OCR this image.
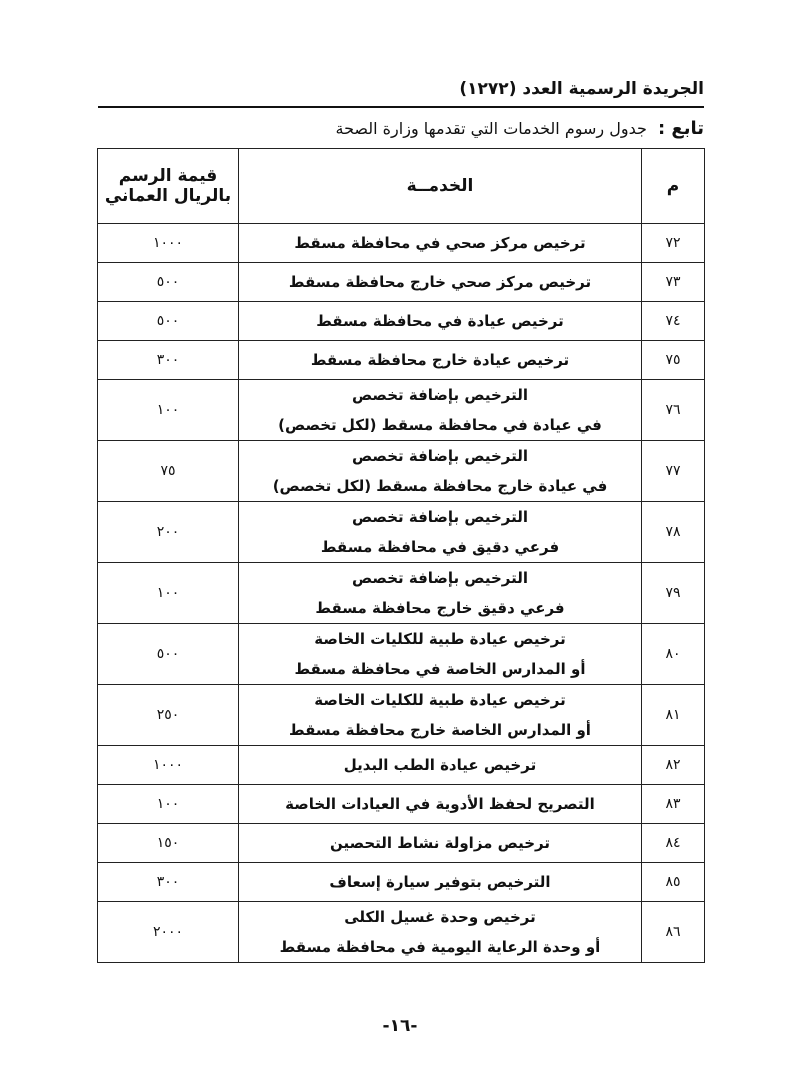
الجريدة الرسمية العدد (١٢٧٢)
تابع : جدول رسوم الخدمات التي تقدمها وزارة الصحة
م	الخدمــة	قيمة الرسم
بالريال العماني

٧٢	ترخيص مركز صحي في محافظة مسقط	١٠٠٠
٧٣	ترخيص مركز صحي خارج محافظة مسقط	٥٠٠
٧٤	ترخيص عيادة في محافظة مسقط	٥٠٠
٧٥	ترخيص عيادة خارج محافظة مسقط	٣٠٠
٧٦	الترخيص بإضافة تخصص
في عيادة في محافظة مسقط (لكل تخصص)	١٠٠
٧٧	الترخيص بإضافة تخصص
في عيادة خارج محافظة مسقط (لكل تخصص)	٧٥
٧٨	الترخيص بإضافة تخصص
فرعي دقيق في محافظة مسقط	٢٠٠
٧٩	الترخيص بإضافة تخصص
فرعي دقيق خارج محافظة مسقط	١٠٠
٨٠	ترخيص عيادة طبية للكليات الخاصة
أو المدارس الخاصة في محافظة مسقط	٥٠٠
٨١	ترخيص عيادة طبية للكليات الخاصة
أو المدارس الخاصة خارج محافظة مسقط	٢٥٠
٨٢	ترخيص عيادة الطب البديل	١٠٠٠
٨٣	التصريح لحفظ الأدوية في العيادات الخاصة	١٠٠
٨٤	ترخيص مزاولة نشاط التحصين	١٥٠
٨٥	الترخيص بتوفير سيارة إسعاف	٣٠٠
٨٦	ترخيص وحدة غسيل الكلى
أو وحدة الرعاية اليومية في محافظة مسقط	٢٠٠٠
-١٦-
